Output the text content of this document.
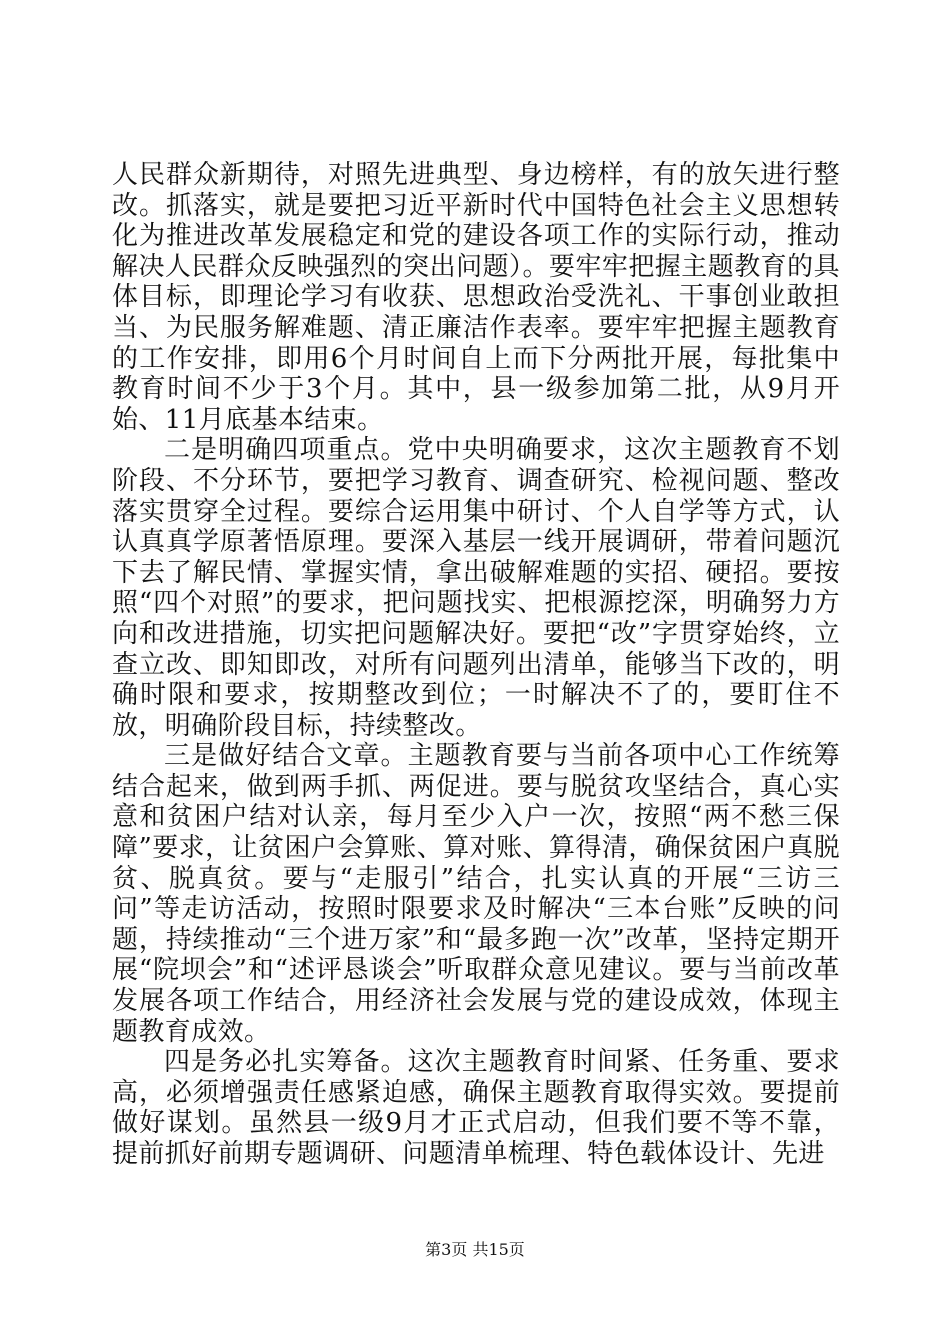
人民群众新期待，对照先进典型、身边榜样，有的放矢进行整改。抓落实，就是要把习近平新时代中国特色社会主义思想转化为推进改革发展稳定和党的建设各项工作的实际行动，推动解决人民群众反映强烈的突出问题）。要牢牢把握主题教育的具体目标，即理论学习有收获、思想政治受洗礼、干事创业敢担当、为民服务解难题、清正廉洁作表率。要牢牢把握主题教育的工作安排，即用6个月时间自上而下分两批开展，每批集中教育时间不少于3个月。其中，县一级参加第二批，从9月开始、11月底基本结束。

二是明确四项重点。党中央明确要求，这次主题教育不划阶段、不分环节，要把学习教育、调查研究、检视问题、整改落实贯穿全过程。要综合运用集中研讨、个人自学等方式，认认真真学原著悟原理。要深入基层一线开展调研，带着问题沉下去了解民情、掌握实情，拿出破解难题的实招、硬招。要按照“四个对照”的要求，把问题找实、把根源挖深，明确努力方向和改进措施，切实把问题解决好。要把“改”字贯穿始终，立查立改、即知即改，对所有问题列出清单，能够当下改的，明确时限和要求，按期整改到位；一时解决不了的，要盯住不放，明确阶段目标，持续整改。

三是做好结合文章。主题教育要与当前各项中心工作统筹结合起来，做到两手抓、两促进。要与脱贫攻坚结合，真心实意和贫困户结对认亲，每月至少入户一次，按照“两不愁三保障”要求，让贫困户会算账、算对账、算得清，确保贫困户真脱贫、脱真贫。要与“走服引”结合，扎实认真的开展“三访三问”等走访活动，按照时限要求及时解决“三本台账”反映的问题，持续推动“三个进万家”和“最多跑一次”改革，坚持定期开展“院坝会”和“述评恳谈会”听取群众意见建议。要与当前改革发展各项工作结合，用经济社会发展与党的建设成效，体现主题教育成效。

四是务必扎实筹备。这次主题教育时间紧、任务重、要求高，必须增强责任感紧迫感，确保主题教育取得实效。要提前做好谋划。虽然县一级9月才正式启动，但我们要不等不靠，提前抓好前期专题调研、问题清单梳理、特色载体设计、先进

第3页 共15页
